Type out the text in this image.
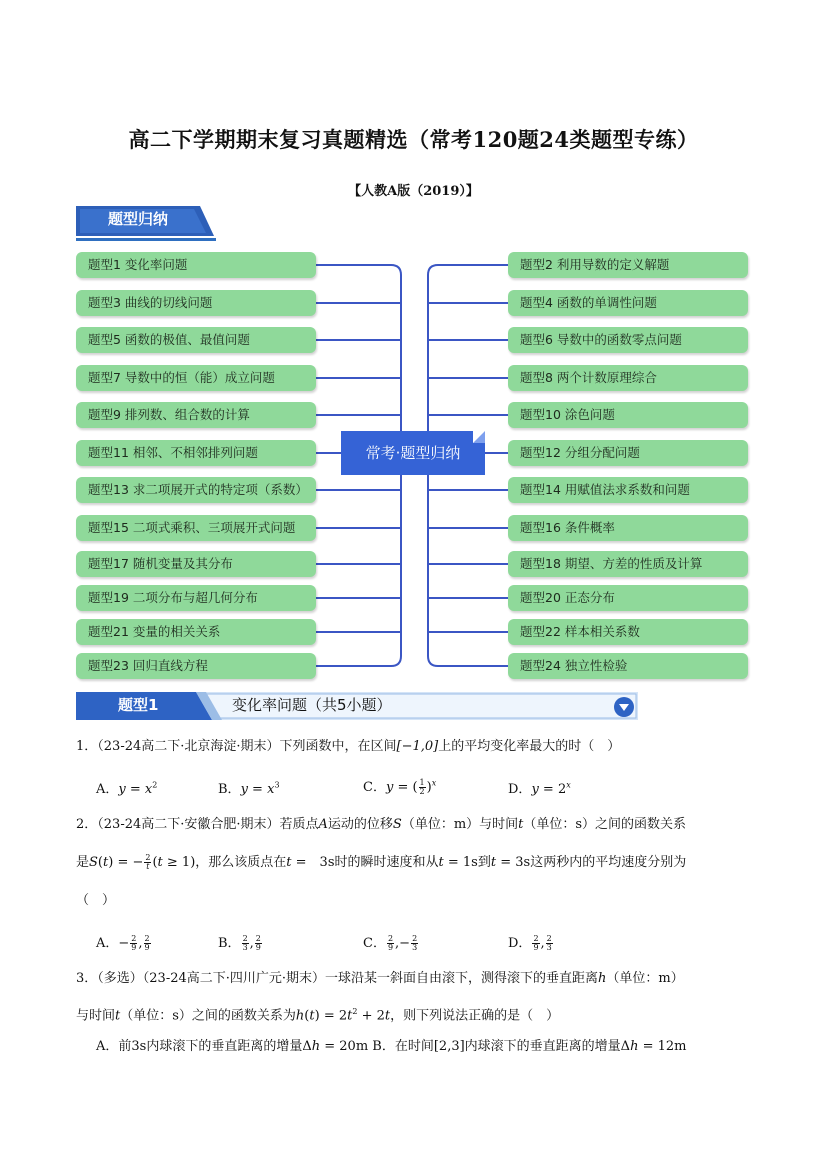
高二下学期期末复习真题精选（常考120题24类题型专练）
【人教A版（2019）】
题型归纳
题型1 变化率问题
题型3 曲线的切线问题
题型5 函数的极值、最值问题
题型7 导数中的恒（能）成立问题
题型9 排列数、组合数的计算
题型11 相邻、不相邻排列问题
题型13 求二项展开式的特定项（系数）
题型15 二项式乘积、三项展开式问题
题型17 随机变量及其分布
题型19 二项分布与超几何分布
题型21 变量的相关关系
题型23 回归直线方程
题型2 利用导数的定义解题
题型4 函数的单调性问题
题型6 导数中的函数零点问题
题型8 两个计数原理综合
题型10 涂色问题
题型12 分组分配问题
题型14 用赋值法求系数和问题
题型16 条件概率
题型18 期望、方差的性质及计算
题型20 正态分布
题型22 样本相关系数
题型24 独立性检验
常考·题型归纳
题型1	变化率问题（共5小题）
1．（23-24高二下·北京海淀·期末）下列函数中，在区间[−1,0]上的平均变化率最大的时（　）
A．$y = x^2$	B．$y = x^3$	C．y = ( $\frac{1}{2} )^x$	D．$y = 2^x$
2．（23-24高二下·安徽合肥·期末）若质点A运动的位移S（单位：m）与时间t（单位：s）之间的函数关系
是S(t) = − $\frac{2}{t} (t \ge 1)$，那么该质点在t =　3s时的瞬时速度和从t = 1s到t = 3s这两秒内的平均速度分别为
（　）
A．− $\frac{2}{9}$ , $\frac{2}{9}$	B． $\frac{2}{3}$ , $\frac{2}{9}$	C． $\frac{2}{9}$ ,− $\frac{2}{3}$	D． $\frac{2}{9}$ , $\frac{2}{3}$
3．（多选）（23-24高二下·四川广元·期末）一球沿某一斜面自由滚下，测得滚下的垂直距离h（单位：m）
与时间t（单位：s）之间的函数关系为$h(t) = 2t^2 + 2t$，则下列说法正确的是（　）
A．前3s内球滚下的垂直距离的增量Δh = 20m B．在时间[2,3]内球滚下的垂直距离的增量Δh = 12m
